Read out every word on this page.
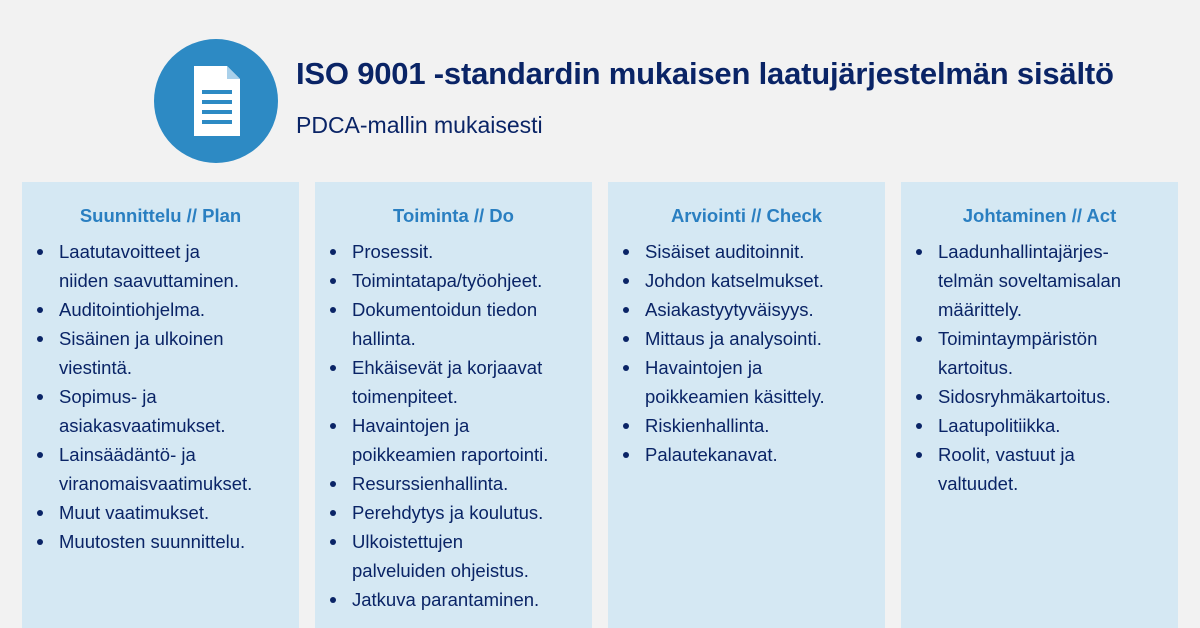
ISO 9001 -standardin mukaisen laatujärjestelmän sisältö
PDCA-mallin mukaisesti
Suunnittelu // Plan
Laatutavoitteet ja
niiden saavuttaminen.
Auditointiohjelma.
Sisäinen ja ulkoinen
viestintä.
Sopimus- ja
asiakasvaatimukset.
Lainsäädäntö- ja
viranomaisvaatimukset.
Muut vaatimukset.
Muutosten suunnittelu.
Toiminta // Do
Prosessit.
Toimintatapa/työohjeet.
Dokumentoidun tiedon
hallinta.
Ehkäisevät ja korjaavat
toimenpiteet.
Havaintojen ja
poikkeamien raportointi.
Resurssienhallinta.
Perehdytys ja koulutus.
Ulkoistettujen
palveluiden ohjeistus.
Jatkuva parantaminen.
Arviointi // Check
Sisäiset auditoinnit.
Johdon katselmukset.
Asiakastyytyväisyys.
Mittaus ja analysointi.
Havaintojen ja
poikkeamien käsittely.
Riskienhallinta.
Palautekanavat.
Johtaminen // Act
Laadunhallintajärjes-
telmän soveltamisalan
määrittely.
Toimintaympäristön
kartoitus.
Sidosryhmäkartoitus.
Laatupolitiikka.
Roolit, vastuut ja
valtuudet.
